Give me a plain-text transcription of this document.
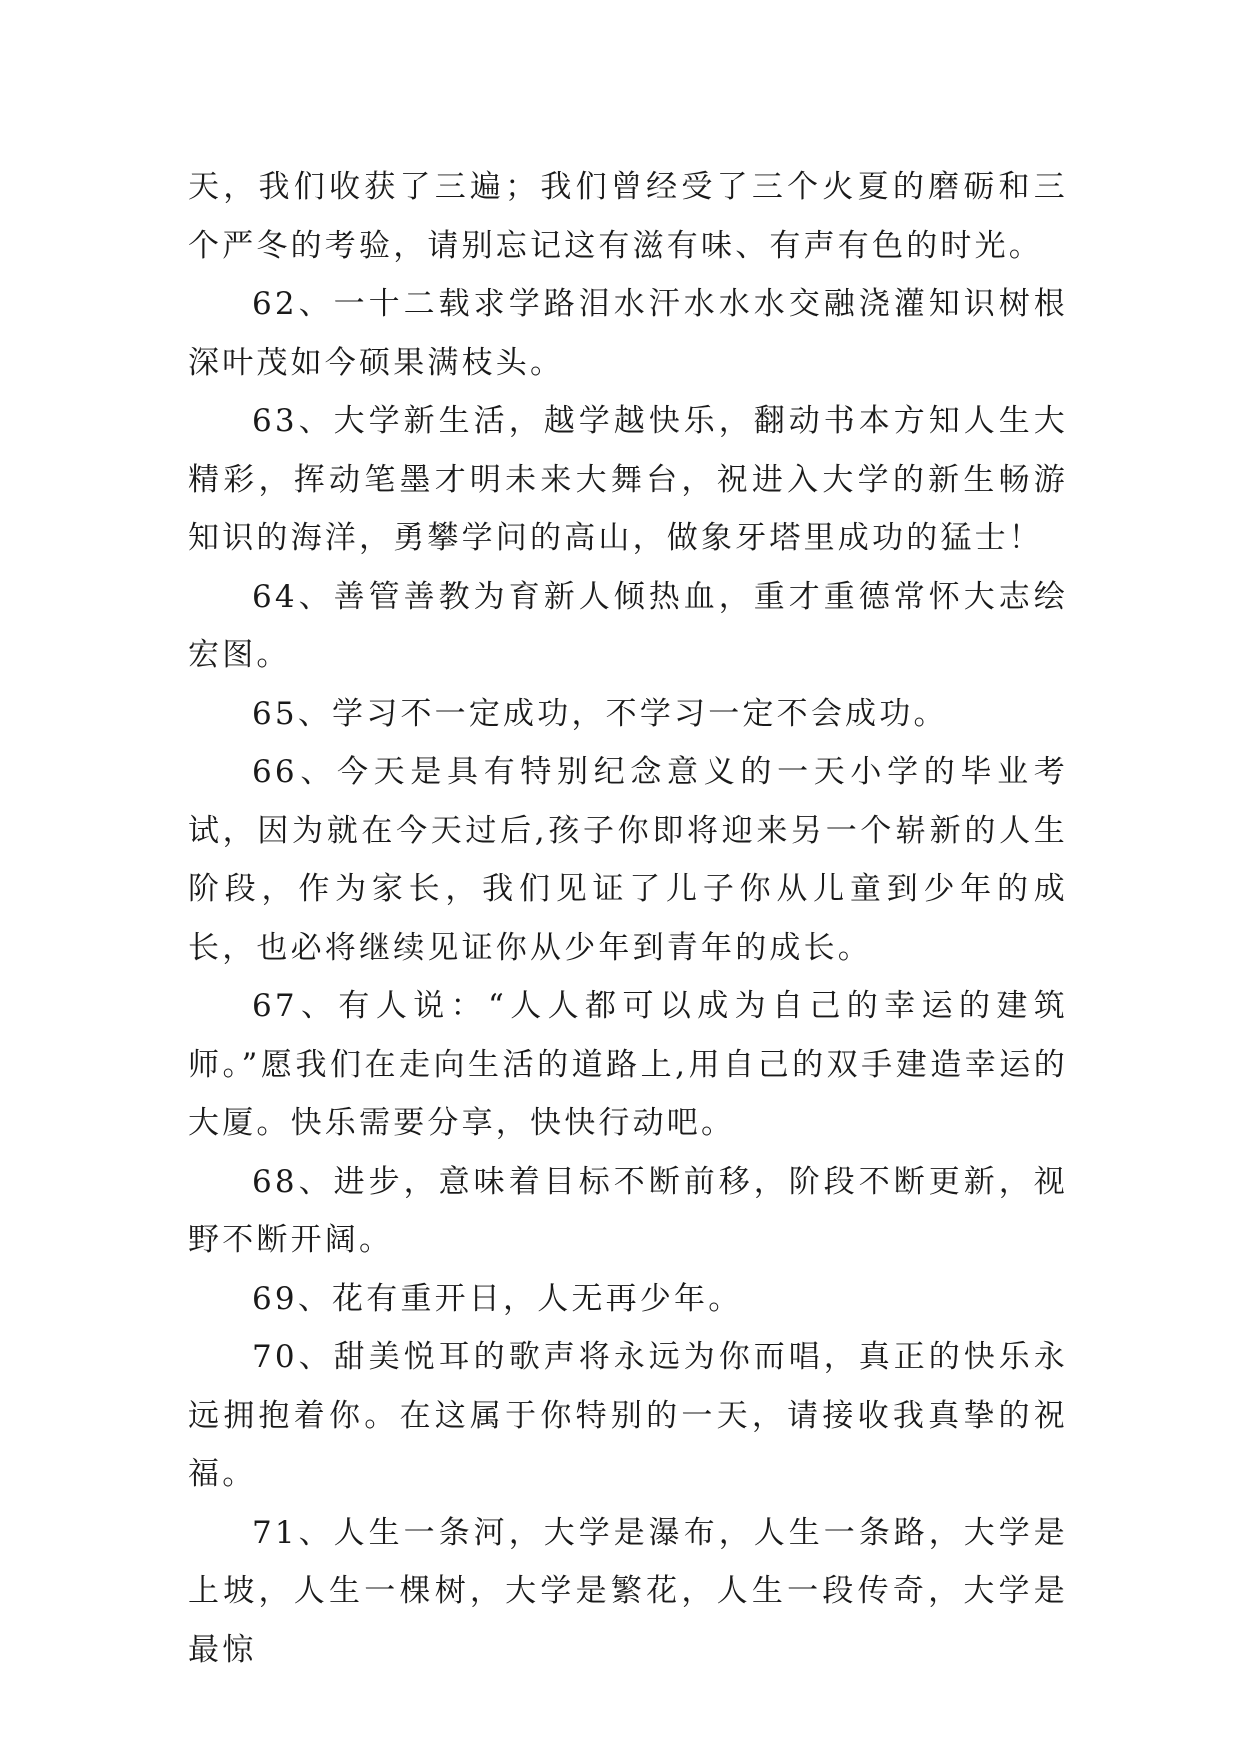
天，我们收获了三遍；我们曾经受了三个火夏的磨砺和三个严冬的考验，请别忘记这有滋有味、有声有色的时光。

62、一十二载求学路泪水汗水水水交融浇灌知识树根深叶茂如今硕果满枝头。

63、大学新生活，越学越快乐，翻动书本方知人生大精彩，挥动笔墨才明未来大舞台，祝进入大学的新生畅游知识的海洋，勇攀学问的高山，做象牙塔里成功的猛士！

64、善管善教为育新人倾热血，重才重德常怀大志绘宏图。

65、学习不一定成功，不学习一定不会成功。

66、今天是具有特别纪念意义的一天小学的毕业考试，因为就在今天过后,孩子你即将迎来另一个崭新的人生阶段，作为家长，我们见证了儿子你从儿童到少年的成长，也必将继续见证你从少年到青年的成长。

67、有人说：“人人都可以成为自己的幸运的建筑师。”愿我们在走向生活的道路上,用自己的双手建造幸运的大厦。快乐需要分享，快快行动吧。

68、进步，意味着目标不断前移，阶段不断更新，视野不断开阔。

69、花有重开日，人无再少年。

70、甜美悦耳的歌声将永远为你而唱，真正的快乐永远拥抱着你。在这属于你特别的一天，请接收我真挚的祝福。

71、人生一条河，大学是瀑布，人生一条路，大学是上坡，人生一棵树，大学是繁花，人生一段传奇，大学是最惊
